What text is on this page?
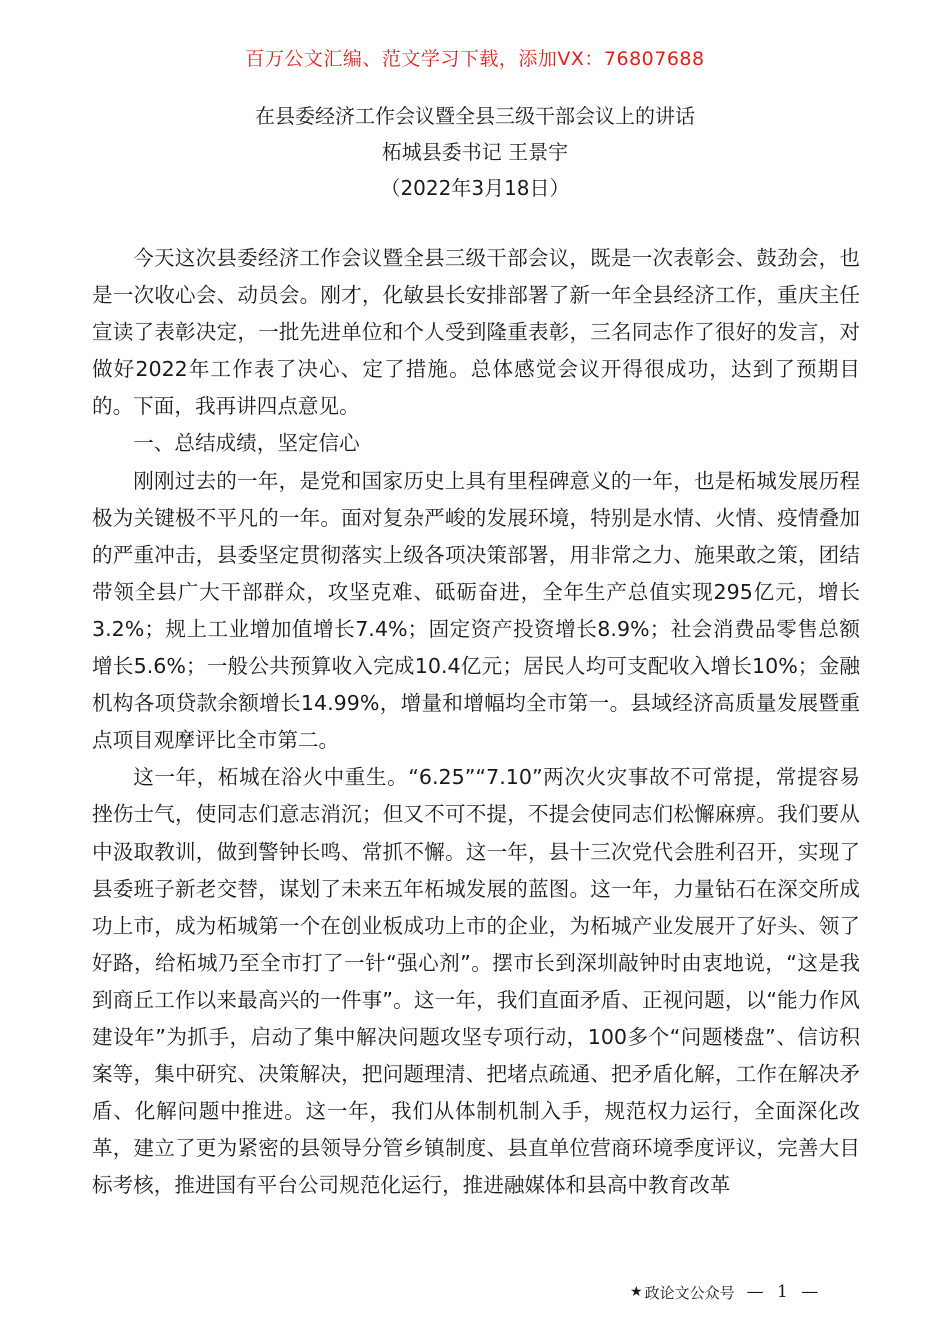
百万公文汇编、范文学习下载，添加VX：76807688
在县委经济工作会议暨全县三级干部会议上的讲话
柘城县委书记 王景宇
（2022年3月18日）

今天这次县委经济工作会议暨全县三级干部会议，既是一次表彰会、鼓劲会，也是一次收心会、动员会。刚才，化敏县长安排部署了新一年全县经济工作，重庆主任宣读了表彰决定，一批先进单位和个人受到隆重表彰，三名同志作了很好的发言，对做好2022年工作表了决心、定了措施。总体感觉会议开得很成功，达到了预期目的。下面，我再讲四点意见。

一、总结成绩，坚定信心

刚刚过去的一年，是党和国家历史上具有里程碑意义的一年，也是柘城发展历程极为关键极不平凡的一年。面对复杂严峻的发展环境，特别是水情、火情、疫情叠加的严重冲击，县委坚定贯彻落实上级各项决策部署，用非常之力、施果敢之策，团结带领全县广大干部群众，攻坚克难、砥砺奋进，全年生产总值实现295亿元，增长3.2%；规上工业增加值增长7.4%；固定资产投资增长8.9%；社会消费品零售总额增长5.6%；一般公共预算收入完成10.4亿元；居民人均可支配收入增长10%；金融机构各项贷款余额增长14.99%，增量和增幅均全市第一。县域经济高质量发展暨重点项目观摩评比全市第二。

这一年，柘城在浴火中重生。“6.25”“7.10”两次火灾事故不可常提，常提容易挫伤士气，使同志们意志消沉；但又不可不提，不提会使同志们松懈麻痹。我们要从中汲取教训，做到警钟长鸣、常抓不懈。这一年，县十三次党代会胜利召开，实现了县委班子新老交替，谋划了未来五年柘城发展的蓝图。这一年，力量钻石在深交所成功上市，成为柘城第一个在创业板成功上市的企业，为柘城产业发展开了好头、领了好路，给柘城乃至全市打了一针“强心剂”。摆市长到深圳敲钟时由衷地说，“这是我到商丘工作以来最高兴的一件事”。这一年，我们直面矛盾、正视问题，以“能力作风建设年”为抓手，启动了集中解决问题攻坚专项行动，100多个“问题楼盘”、信访积案等，集中研究、决策解决，把问题理清、把堵点疏通、把矛盾化解，工作在解决矛盾、化解问题中推进。这一年，我们从体制机制入手，规范权力运行，全面深化改革，建立了更为紧密的县领导分管乡镇制度、县直单位营商环境季度评议，完善大目标考核，推进国有平台公司规范化运行，推进融媒体和县高中教育改革

★ 政论文公众号 — 1 —
